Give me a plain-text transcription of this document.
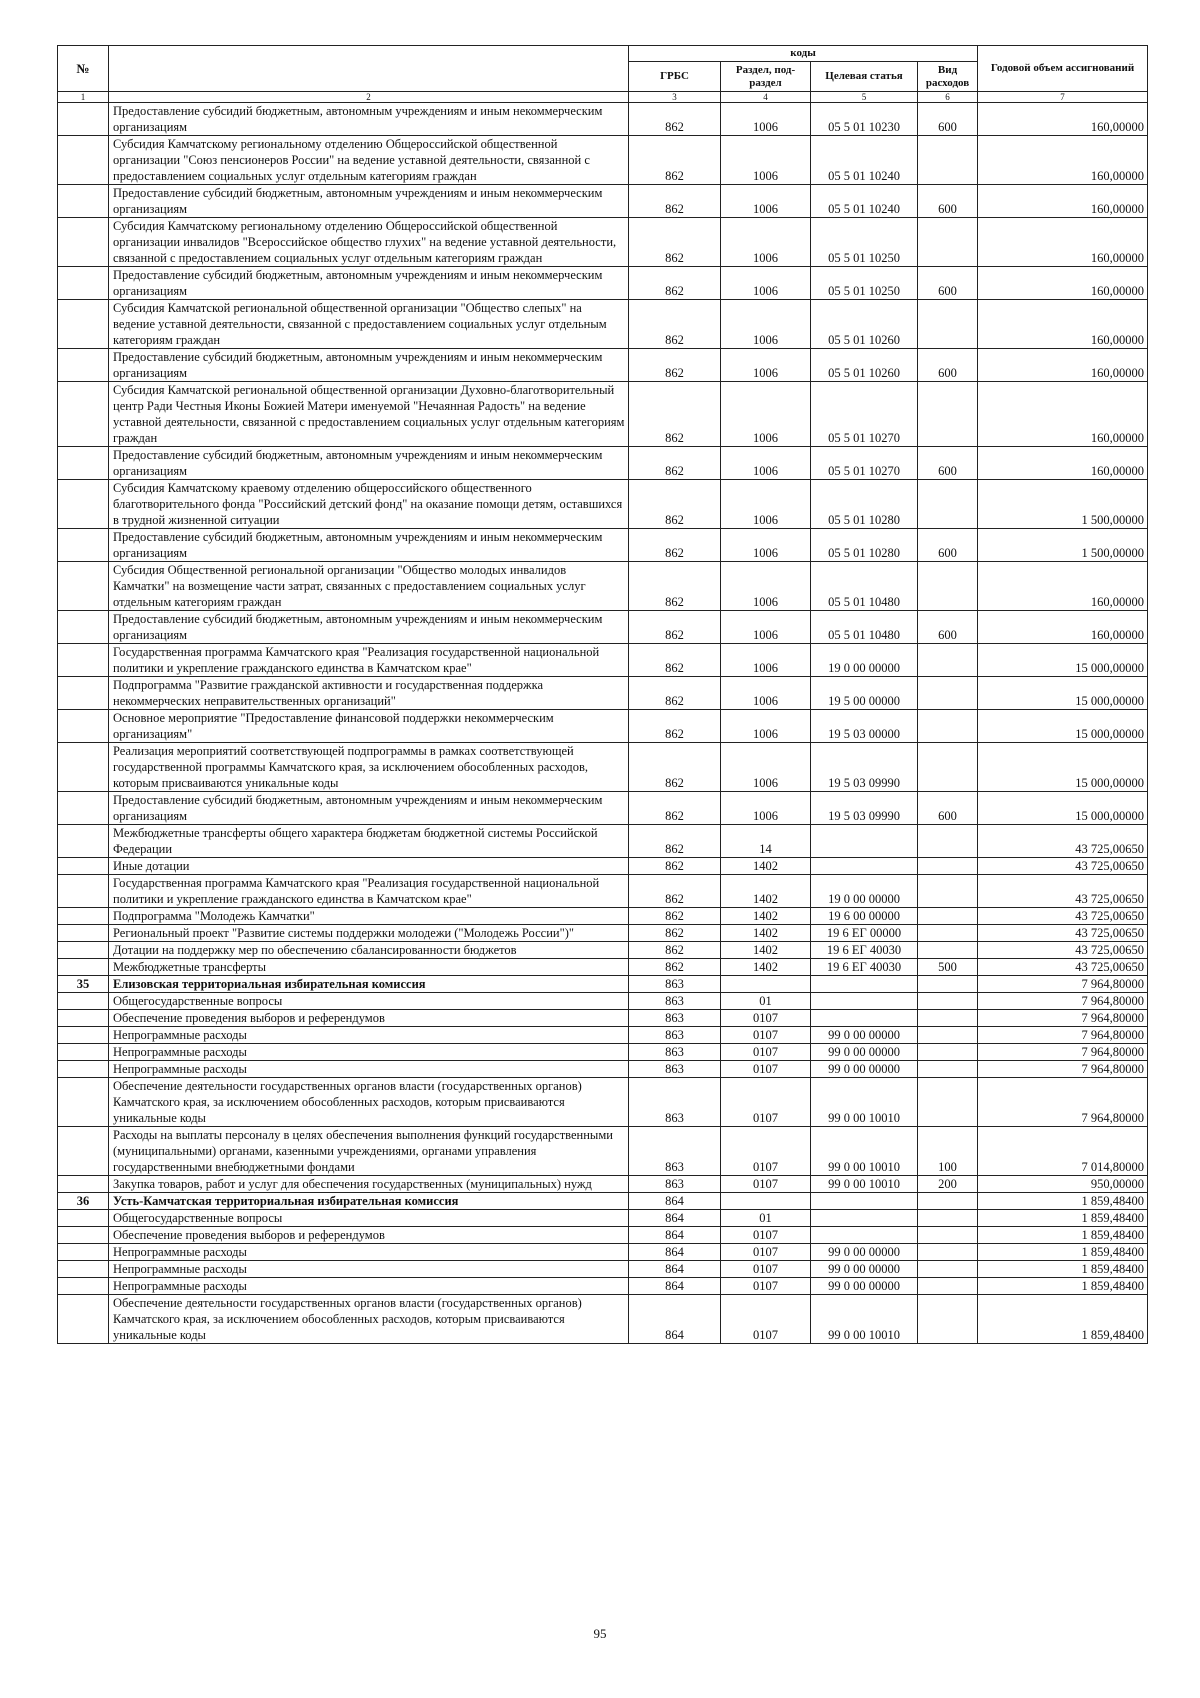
№		коды				Годовой объем ассигнований
		ГРБС	Раздел, под-раздел	Целевая статья	Вид расходов	
1	2	3	4	5	6	7
	Предоставление субсидий бюджетным, автономным учреждениям и иным некоммерческим организациям	862	1006	05 5 01 10230	600	160,00000
	Субсидия Камчатскому региональному отделению Общероссийской общественной организации "Союз пенсионеров России" на ведение уставной деятельности, связанной с предоставлением социальных услуг отдельным категориям граждан	862	1006	05 5 01 10240		160,00000
	Предоставление субсидий бюджетным, автономным учреждениям и иным некоммерческим организациям	862	1006	05 5 01 10240	600	160,00000
	Субсидия Камчатскому региональному отделению Общероссийской общественной организации инвалидов "Всероссийское общество глухих" на ведение уставной деятельности, связанной с предоставлением социальных услуг отдельным категориям граждан	862	1006	05 5 01 10250		160,00000
	Предоставление субсидий бюджетным, автономным учреждениям и иным некоммерческим организациям	862	1006	05 5 01 10250	600	160,00000
	Субсидия Камчатской региональной общественной организации "Общество слепых" на ведение уставной деятельности, связанной с предоставлением социальных услуг отдельным категориям граждан	862	1006	05 5 01 10260		160,00000
	Предоставление субсидий бюджетным, автономным учреждениям и иным некоммерческим организациям	862	1006	05 5 01 10260	600	160,00000
	Субсидия Камчатской региональной общественной организации Духовно-благотворительный центр Ради Честныя Иконы Божией Матери именуемой "Нечаянная Радость" на ведение уставной деятельности, связанной с предоставлением социальных услуг отдельным категориям граждан	862	1006	05 5 01 10270		160,00000
	Предоставление субсидий бюджетным, автономным учреждениям и иным некоммерческим организациям	862	1006	05 5 01 10270	600	160,00000
	Субсидия Камчатскому краевому отделению общероссийского общественного благотворительного фонда "Российский детский фонд" на оказание помощи детям, оставшихся в трудной жизненной ситуации	862	1006	05 5 01 10280		1 500,00000
	Предоставление субсидий бюджетным, автономным учреждениям и иным некоммерческим организациям	862	1006	05 5 01 10280	600	1 500,00000
	Субсидия Общественной региональной организации "Общество молодых инвалидов Камчатки" на возмещение части затрат, связанных с предоставлением социальных услуг отдельным категориям граждан	862	1006	05 5 01 10480		160,00000
	Предоставление субсидий бюджетным, автономным учреждениям и иным некоммерческим организациям	862	1006	05 5 01 10480	600	160,00000
	Государственная программа Камчатского края "Реализация государственной национальной политики и укрепление гражданского единства в Камчатском крае"	862	1006	19 0 00 00000		15 000,00000
	Подпрограмма "Развитие гражданской активности и государственная поддержка некоммерческих неправительственных организаций"	862	1006	19 5 00 00000		15 000,00000
	Основное мероприятие "Предоставление финансовой поддержки некоммерческим организациям"	862	1006	19 5 03 00000		15 000,00000
	Реализация мероприятий соответствующей подпрограммы в рамках соответствующей государственной программы Камчатского края, за исключением обособленных расходов, которым присваиваются уникальные коды	862	1006	19 5 03 09990		15 000,00000
	Предоставление субсидий бюджетным, автономным учреждениям и иным некоммерческим организациям	862	1006	19 5 03 09990	600	15 000,00000
	Межбюджетные трансферты общего характера бюджетам бюджетной системы Российской Федерации	862	14			43 725,00650
	Иные дотации	862	1402			43 725,00650
	Государственная программа Камчатского края "Реализация государственной национальной политики и укрепление гражданского единства в Камчатском крае"	862	1402	19 0 00 00000		43 725,00650
	Подпрограмма "Молодежь Камчатки"	862	1402	19 6 00 00000		43 725,00650
	Региональный проект "Развитие системы поддержки молодежи ("Молодежь России")"	862	1402	19 6 ЕГ 00000		43 725,00650
	Дотации на поддержку мер по обеспечению сбалансированности бюджетов	862	1402	19 6 ЕГ 40030		43 725,00650
	Межбюджетные трансферты	862	1402	19 6 ЕГ 40030	500	43 725,00650
35	Елизовская территориальная избирательная комиссия	863				7 964,80000
	Общегосударственные вопросы	863	01			7 964,80000
	Обеспечение проведения выборов и референдумов	863	0107			7 964,80000
	Непрограммные расходы	863	0107	99 0 00 00000		7 964,80000
	Непрограммные расходы	863	0107	99 0 00 00000		7 964,80000
	Непрограммные расходы	863	0107	99 0 00 00000		7 964,80000
	Обеспечение деятельности государственных органов власти (государственных органов) Камчатского края, за исключением обособленных расходов, которым присваиваются уникальные коды	863	0107	99 0 00 10010		7 964,80000
	Расходы на выплаты персоналу в целях обеспечения выполнения функций государственными (муниципальными) органами, казенными учреждениями, органами управления государственными внебюджетными фондами	863	0107	99 0 00 10010	100	7 014,80000
	Закупка товаров, работ и услуг для обеспечения государственных (муниципальных) нужд	863	0107	99 0 00 10010	200	950,00000
36	Усть-Камчатская территориальная избирательная комиссия	864				1 859,48400
	Общегосударственные вопросы	864	01			1 859,48400
	Обеспечение проведения выборов и референдумов	864	0107			1 859,48400
	Непрограммные расходы	864	0107	99 0 00 00000		1 859,48400
	Непрограммные расходы	864	0107	99 0 00 00000		1 859,48400
	Непрограммные расходы	864	0107	99 0 00 00000		1 859,48400
	Обеспечение деятельности государственных органов власти (государственных органов) Камчатского края, за исключением обособленных расходов, которым присваиваются уникальные коды	864	0107	99 0 00 10010		1 859,48400
95
